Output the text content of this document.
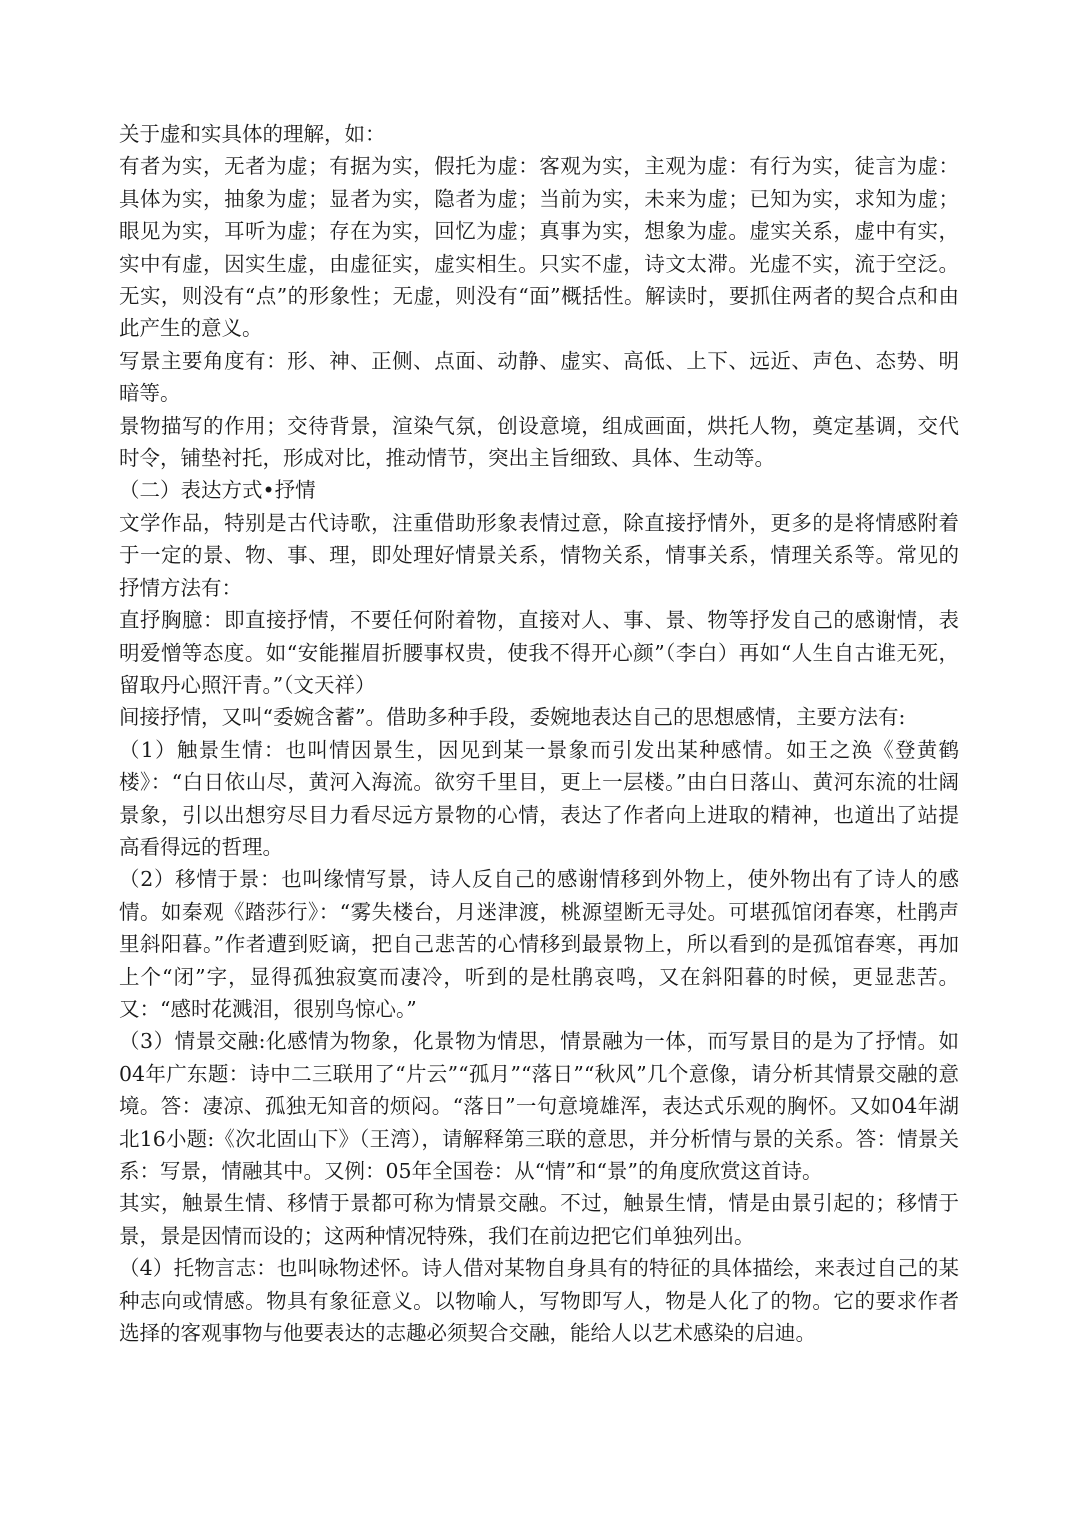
关于虚和实具体的理解，如：

有者为实，无者为虚；有据为实，假托为虚：客观为实，主观为虚：有行为实，徒言为虚：具体为实，抽象为虚；显者为实，隐者为虚；当前为实，未来为虚；已知为实，求知为虚；眼见为实，耳听为虚；存在为实，回忆为虚；真事为实，想象为虚。虚实关系，虚中有实，实中有虚，因实生虚，由虚征实，虚实相生。只实不虚，诗文太滞。光虚不实，流于空泛。无实，则没有“点”的形象性；无虚，则没有“面”概括性。解读时，要抓住两者的契合点和由此产生的意义。

写景主要角度有：形、神、正侧、点面、动静、虚实、高低、上下、远近、声色、态势、明暗等。

景物描写的作用；交待背景，渲染气氛，创设意境，组成画面，烘托人物，奠定基调，交代时令，铺垫衬托，形成对比，推动情节，突出主旨细致、具体、生动等。

（二）表达方式•抒情

文学作品，特别是古代诗歌，注重借助形象表情过意，除直接抒情外，更多的是将情感附着于一定的景、物、事、理，即处理好情景关系，情物关系，情事关系，情理关系等。常见的抒情方法有：

直抒胸臆：即直接抒情，不要任何附着物，直接对人、事、景、物等抒发自己的感谢情，表明爱憎等态度。如“安能摧眉折腰事权贵，使我不得开心颜”（李白）再如“人生自古谁无死，留取丹心照汗青。”（文天祥）

间接抒情，又叫“委婉含蓄”。借助多种手段，委婉地表达自己的思想感情，主要方法有:

（1）触景生情：也叫情因景生，因见到某一景象而引发出某种感情。如王之涣《登黄鹤楼》：“白日依山尽，黄河入海流。欲穷千里目，更上一层楼。”由白日落山、黄河东流的壮阔景象，引以出想穷尽目力看尽远方景物的心情，表达了作者向上进取的精神，也道出了站提高看得远的哲理。

（2）移情于景：也叫缘情写景，诗人反自己的感谢情移到外物上，使外物出有了诗人的感情。如秦观《踏莎行》：“雾失楼台，月迷津渡，桃源望断无寻处。可堪孤馆闭春寒，杜鹃声里斜阳暮。”作者遭到贬谪，把自己悲苦的心情移到最景物上，所以看到的是孤馆春寒，再加上个“闭”字，显得孤独寂寞而凄冷，听到的是杜鹃哀鸣，又在斜阳暮的时候，更显悲苦。又：“感时花溅泪，很别鸟惊心。”

（3）情景交融:化感情为物象，化景物为情思，情景融为一体，而写景目的是为了抒情。如04年广东题：诗中二三联用了“片云”“孤月”“落日”“秋风”几个意像，请分析其情景交融的意境。答：凄凉、孤独无知音的烦闷。“落日”一句意境雄浑，表达式乐观的胸怀。又如04年湖北16小题:《次北固山下》（王湾），请解释第三联的意思，并分析情与景的关系。答：情景关系：写景，情融其中。又例：05年全国卷：从“情”和“景”的角度欣赏这首诗。

其实，触景生情、移情于景都可称为情景交融。不过，触景生情，情是由景引起的；移情于景，景是因情而设的；这两种情况特殊，我们在前边把它们单独列出。

（4）托物言志：也叫咏物述怀。诗人借对某物自身具有的特征的具体描绘，来表过自己的某种志向或情感。物具有象征意义。以物喻人，写物即写人，物是人化了的物。它的要求作者选择的客观事物与他要表达的志趣必须契合交融，能给人以艺术感染的启迪。
